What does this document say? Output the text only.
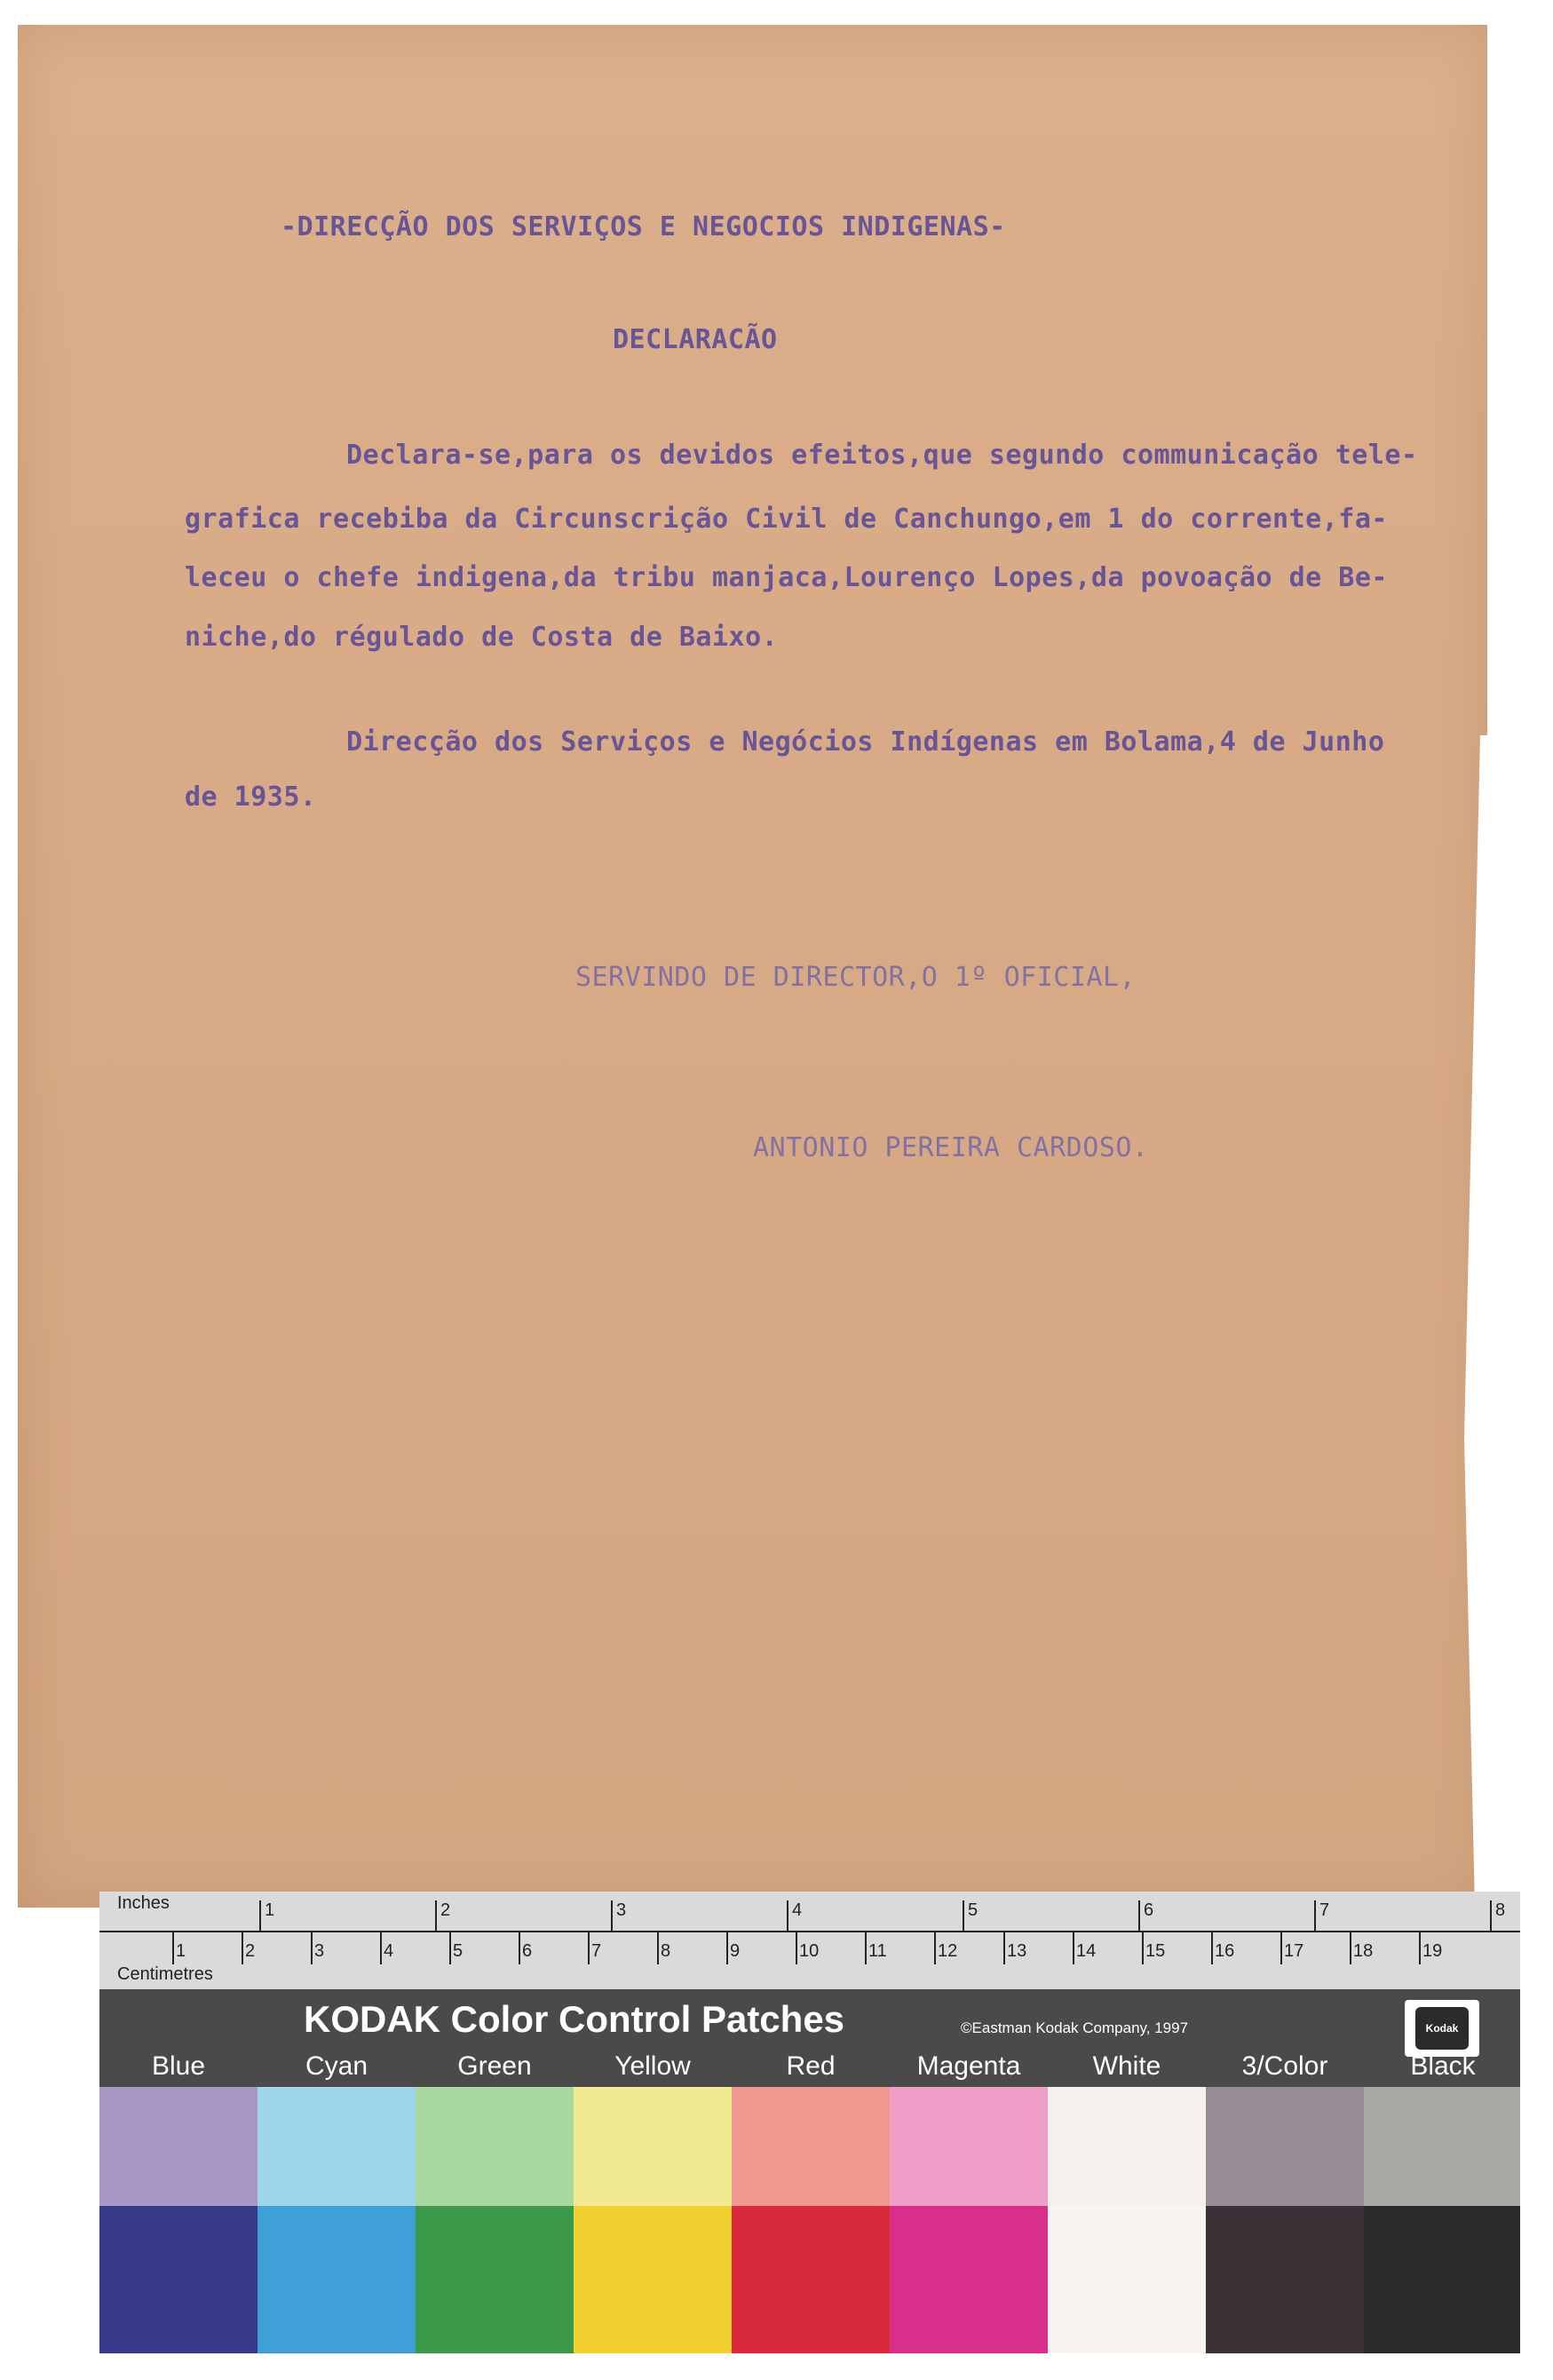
-DIRECÇÃO DOS SERVIÇOS E NEGOCIOS INDIGENAS-
DECLARACÃO
Declara-se,para os devidos efeitos,que segundo communicação tele-
grafica recebiba da Circunscrição Civil de Canchungo,em 1 do corrente,fa-
leceu o chefe indigena,da tribu manjaca,Lourenço Lopes,da povoação de Be-
niche,do régulado de Costa de Baixo.
Direcção dos Serviços e Negócios Indígenas em Bolama,4 de Junho
de 1935.
SERVINDO DE DIRECTOR,O 1º OFICIAL,
ANTONIO PEREIRA CARDOSO.
Inches
Centimetres
1	2	3	4	5	6	7	8
1	2	3	4	5	6	7	8	9	10	11	12	13	14	15	16	17	18	19
KODAK Color Control Patches	©Eastman Kodak Company, 1997	Kodak
Blue	Cyan	Green	Yellow	Red	Magenta	White	3/Color	Black
